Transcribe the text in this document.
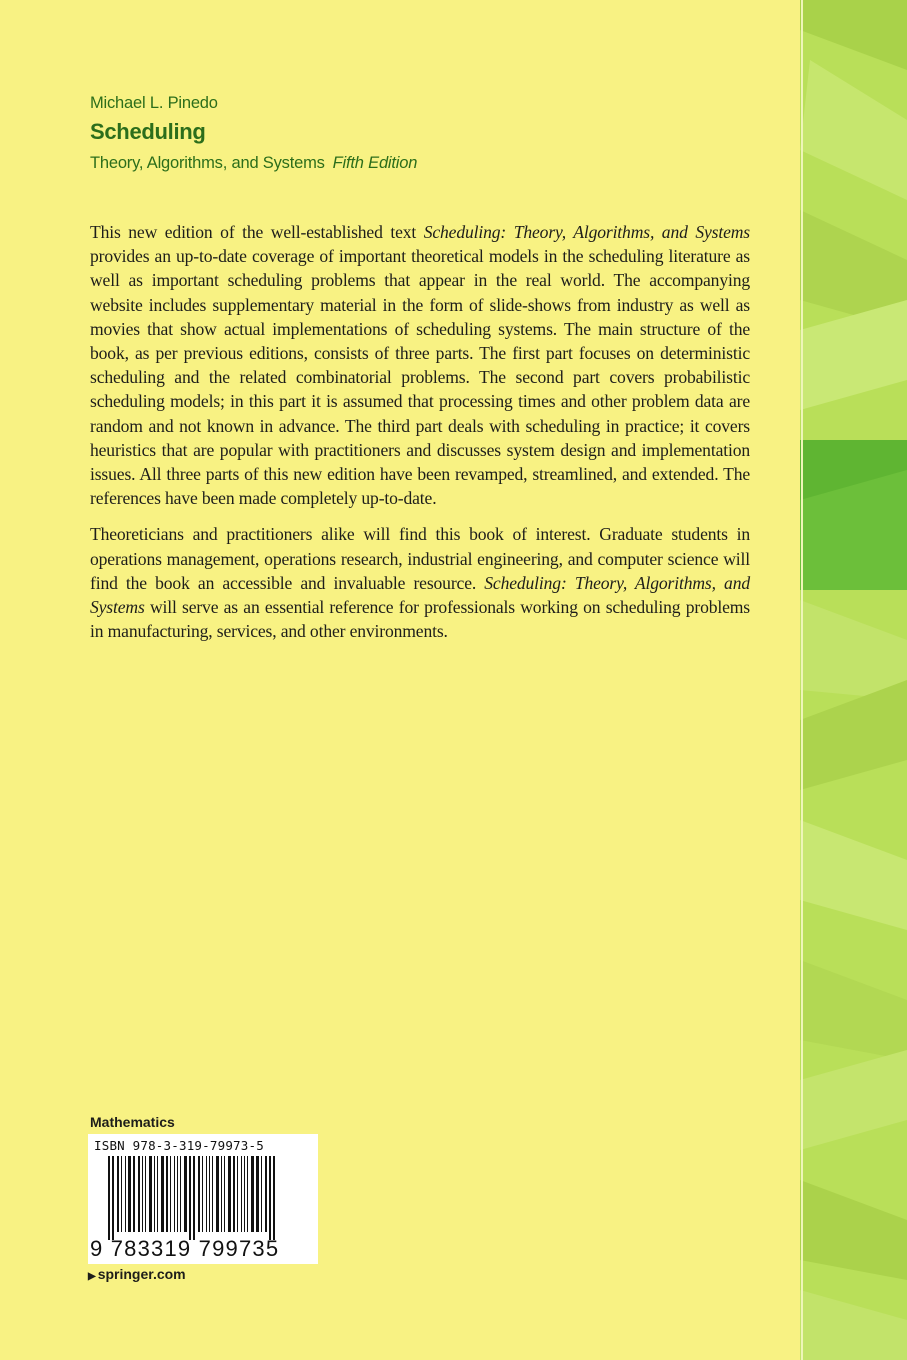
Michael L. Pinedo
Scheduling
Theory, Algorithms, and Systems Fifth Edition

This new edition of the well-established text Scheduling: Theory, Algorithms, and Systems provides an up-to-date coverage of important theoretical models in the scheduling literature as well as important scheduling problems that appear in the real world. The accompanying website includes supplementary material in the form of slide-shows from industry as well as movies that show actual implementations of scheduling systems. The main structure of the book, as per previous editions, consists of three parts. The first part focuses on deterministic scheduling and the related combinatorial problems. The second part covers probabilistic scheduling models; in this part it is assumed that processing times and other problem data are random and not known in advance. The third part deals with scheduling in practice; it covers heuristics that are popular with practitioners and discusses system design and implementation issues. All three parts of this new edition have been revamped, streamlined, and extended. The references have been made completely up-to-date.

Theoreticians and practitioners alike will find this book of interest. Graduate students in operations management, operations research, industrial engineering, and computer science will find the book an accessible and invaluable resource. Scheduling: Theory, Algorithms, and Systems will serve as an essential reference for professionals working on scheduling problems in manufacturing, services, and other environments.

Mathematics
ISBN 978-3-319-79973-5
9 783319 799735
▶ springer.com
